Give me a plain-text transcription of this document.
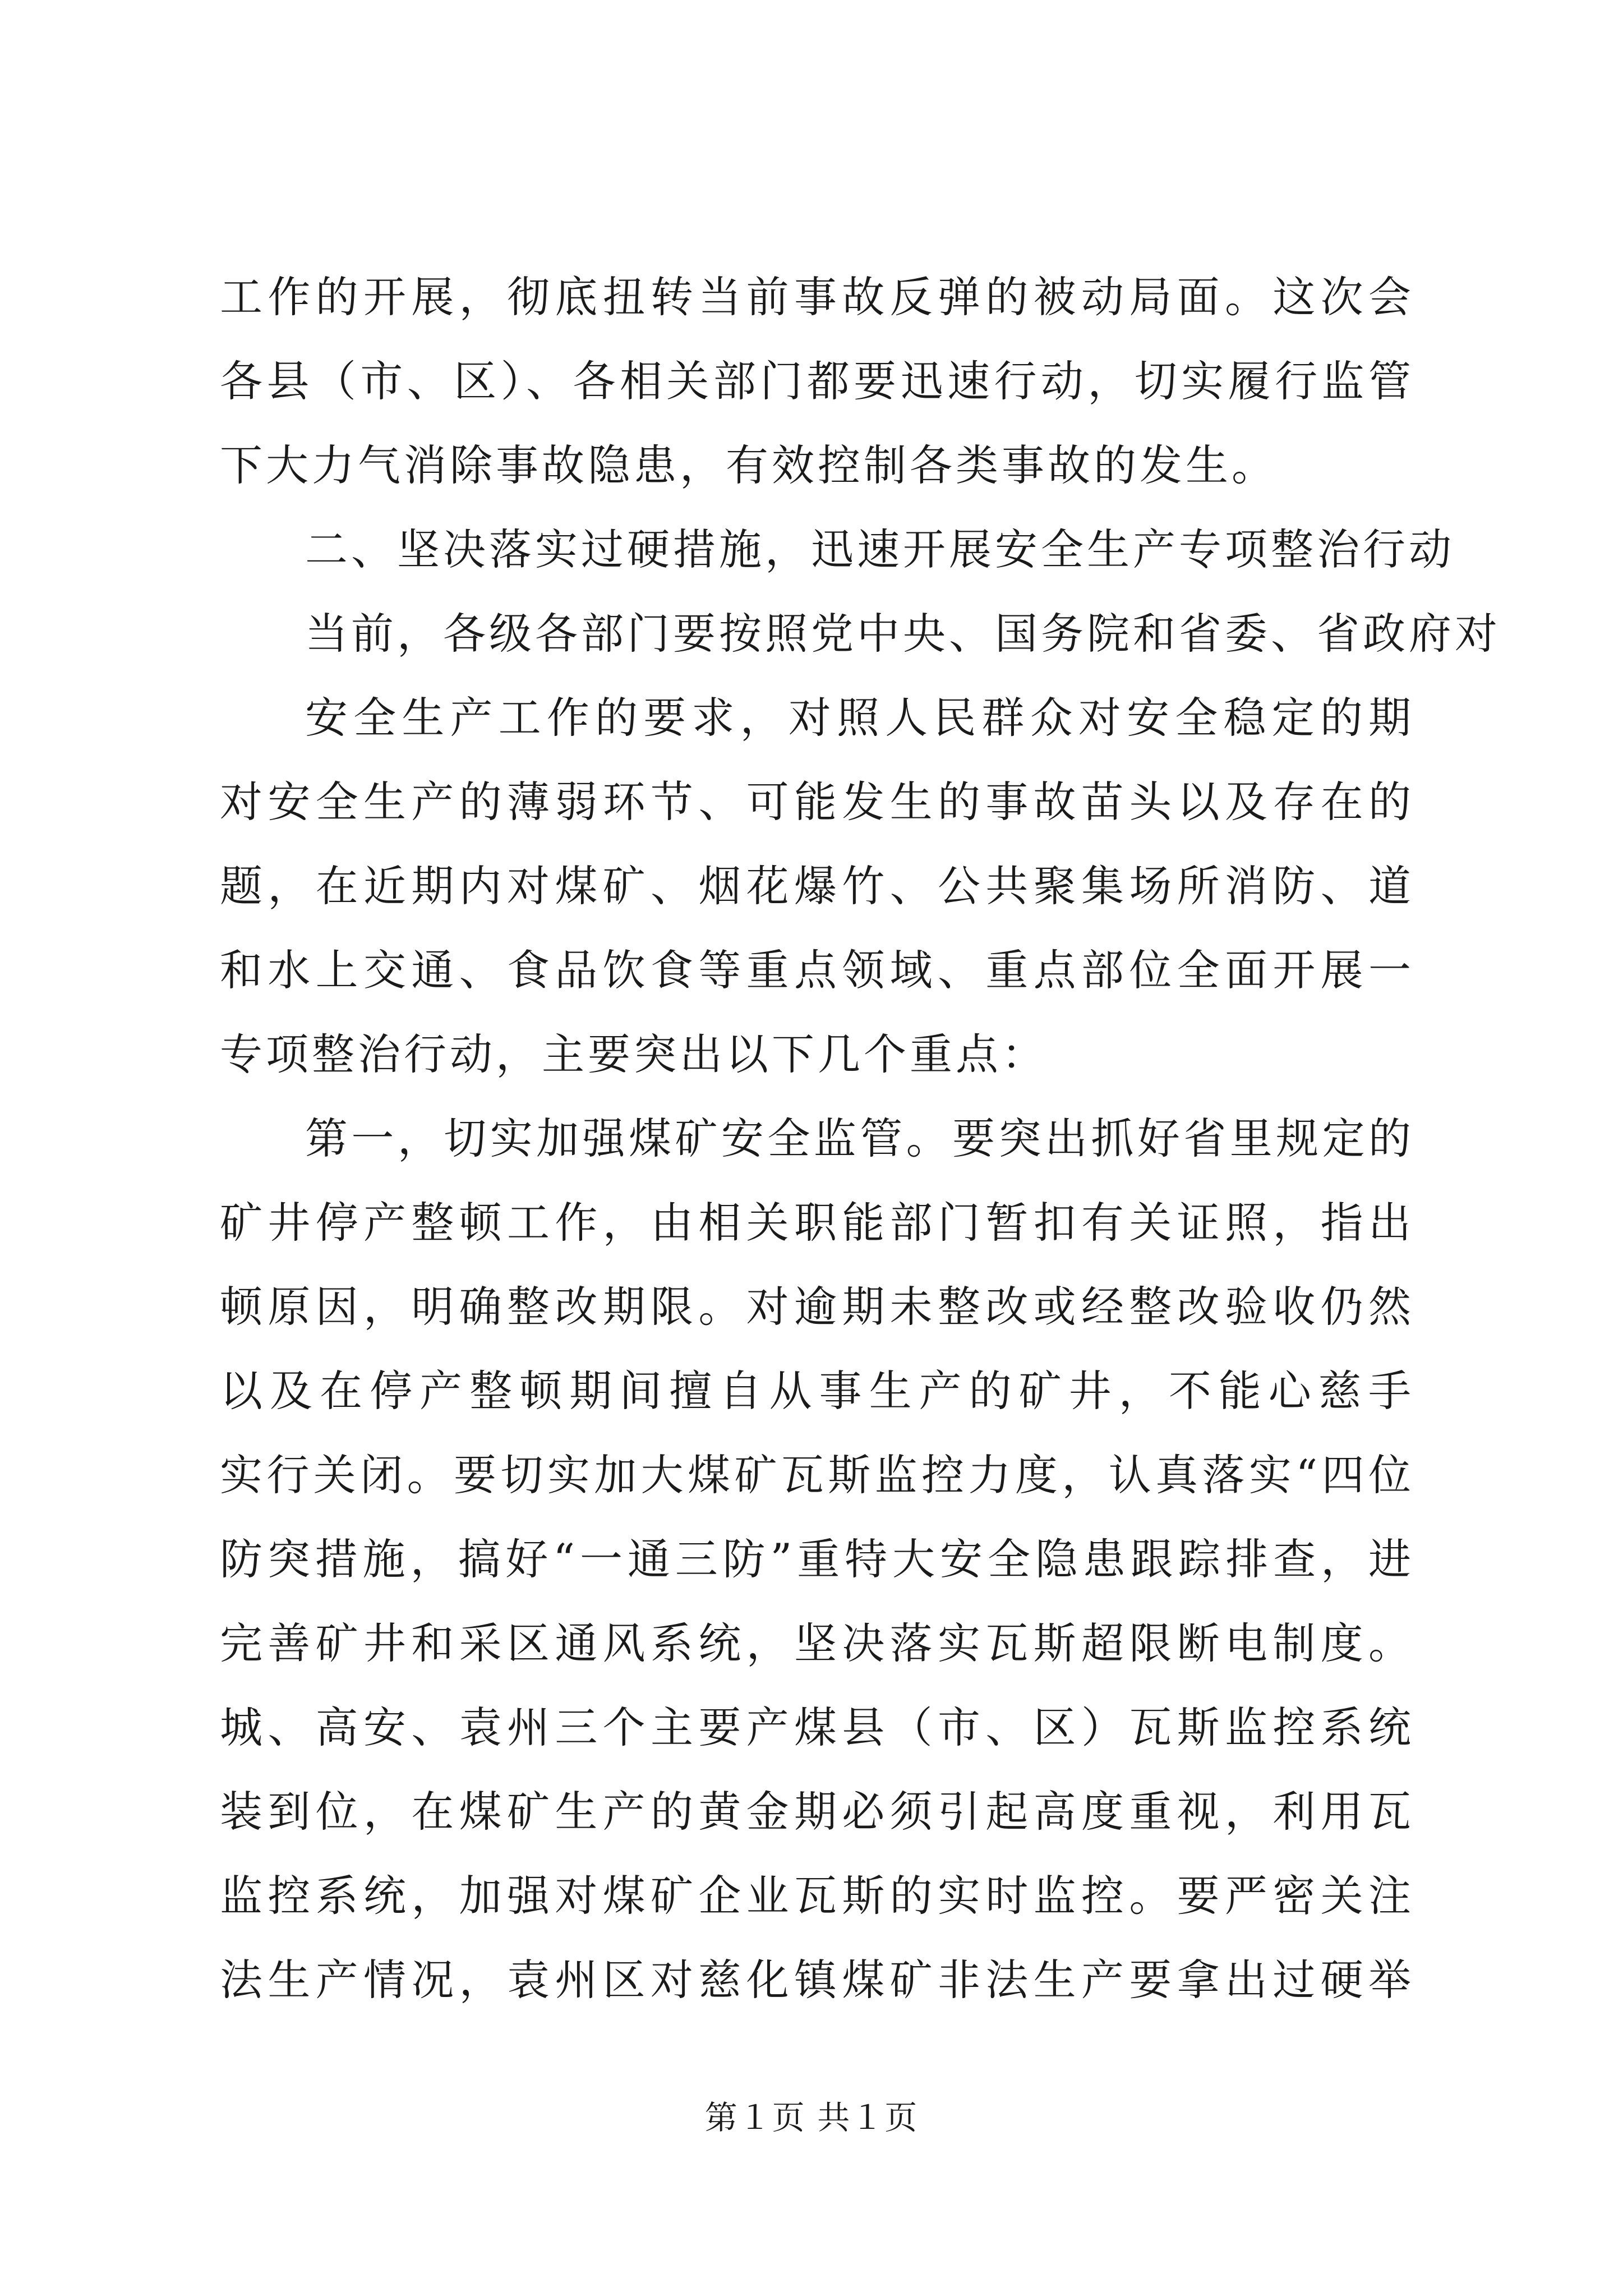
工作的开展，彻底扭转当前事故反弹的被动局面。这次会
各县（市、区）、各相关部门都要迅速行动，切实履行监管
下大力气消除事故隐患，有效控制各类事故的发生。
二、坚决落实过硬措施，迅速开展安全生产专项整治行动
当前，各级各部门要按照党中央、国务院和省委、省政府对
安全生产工作的要求，对照人民群众对安全稳定的期
对安全生产的薄弱环节、可能发生的事故苗头以及存在的
题，在近期内对煤矿、烟花爆竹、公共聚集场所消防、道
和水上交通、食品饮食等重点领域、重点部位全面开展一
专项整治行动，主要突出以下几个重点：
第一，切实加强煤矿安全监管。要突出抓好省里规定的
矿井停产整顿工作，由相关职能部门暂扣有关证照，指出
顿原因，明确整改期限。对逾期未整改或经整改验收仍然
以及在停产整顿期间擅自从事生产的矿井，不能心慈手
实行关闭。要切实加大煤矿瓦斯监控力度，认真落实“四位
防突措施，搞好“一通三防”重特大安全隐患跟踪排查，进
完善矿井和采区通风系统，坚决落实瓦斯超限断电制度。
城、高安、袁州三个主要产煤县（市、区）瓦斯监控系统
装到位，在煤矿生产的黄金期必须引起高度重视，利用瓦
监控系统，加强对煤矿企业瓦斯的实时监控。要严密关注
法生产情况，袁州区对慈化镇煤矿非法生产要拿出过硬举
第１页 共１页
